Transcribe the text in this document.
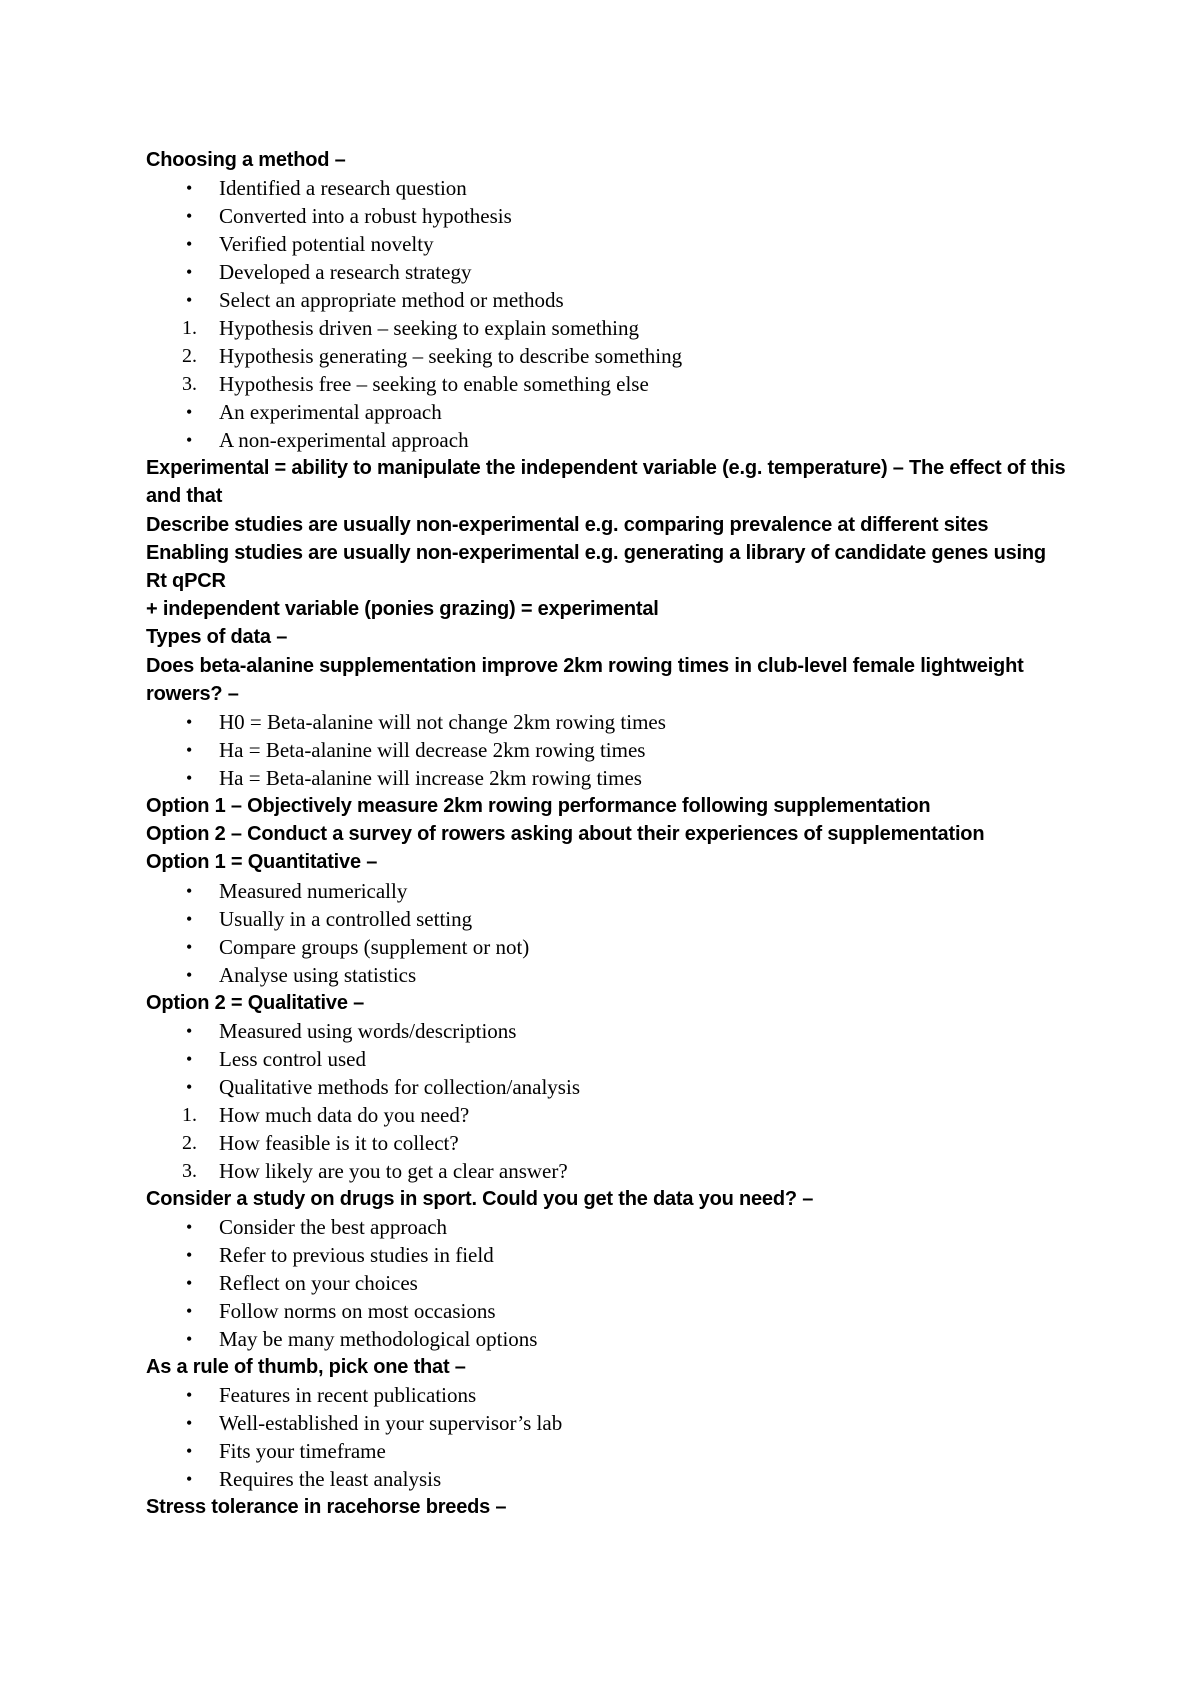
Choosing a method –

•	Identified a research question
•	Converted into a robust hypothesis
•	Verified potential novelty
•	Developed a research strategy
•	Select an appropriate method or methods
1.	Hypothesis driven – seeking to explain something
2.	Hypothesis generating – seeking to describe something
3.	Hypothesis free – seeking to enable something else
•	An experimental approach
•	A non-experimental approach

Experimental = ability to manipulate the independent variable (e.g. temperature) – The effect of this and that

Describe studies are usually non-experimental e.g. comparing prevalence at different sites

Enabling studies are usually non-experimental e.g. generating a library of candidate genes using Rt qPCR

+ independent variable (ponies grazing) = experimental

Types of data –

Does beta-alanine supplementation improve 2km rowing times in club-level female lightweight rowers? –

•	H0 = Beta-alanine will not change 2km rowing times
•	Ha = Beta-alanine will decrease 2km rowing times
•	Ha = Beta-alanine will increase 2km rowing times

Option 1 – Objectively measure 2km rowing performance following supplementation

Option 2 – Conduct a survey of rowers asking about their experiences of supplementation

Option 1 = Quantitative –

•	Measured numerically
•	Usually in a controlled setting
•	Compare groups (supplement or not)
•	Analyse using statistics

Option 2 = Qualitative –

•	Measured using words/descriptions
•	Less control used
•	Qualitative methods for collection/analysis
1.	How much data do you need?
2.	How feasible is it to collect?
3.	How likely are you to get a clear answer?

Consider a study on drugs in sport. Could you get the data you need? –

•	Consider the best approach
•	Refer to previous studies in field
•	Reflect on your choices
•	Follow norms on most occasions
•	May be many methodological options

As a rule of thumb, pick one that –

•	Features in recent publications
•	Well-established in your supervisor’s lab
•	Fits your timeframe
•	Requires the least analysis

Stress tolerance in racehorse breeds –
